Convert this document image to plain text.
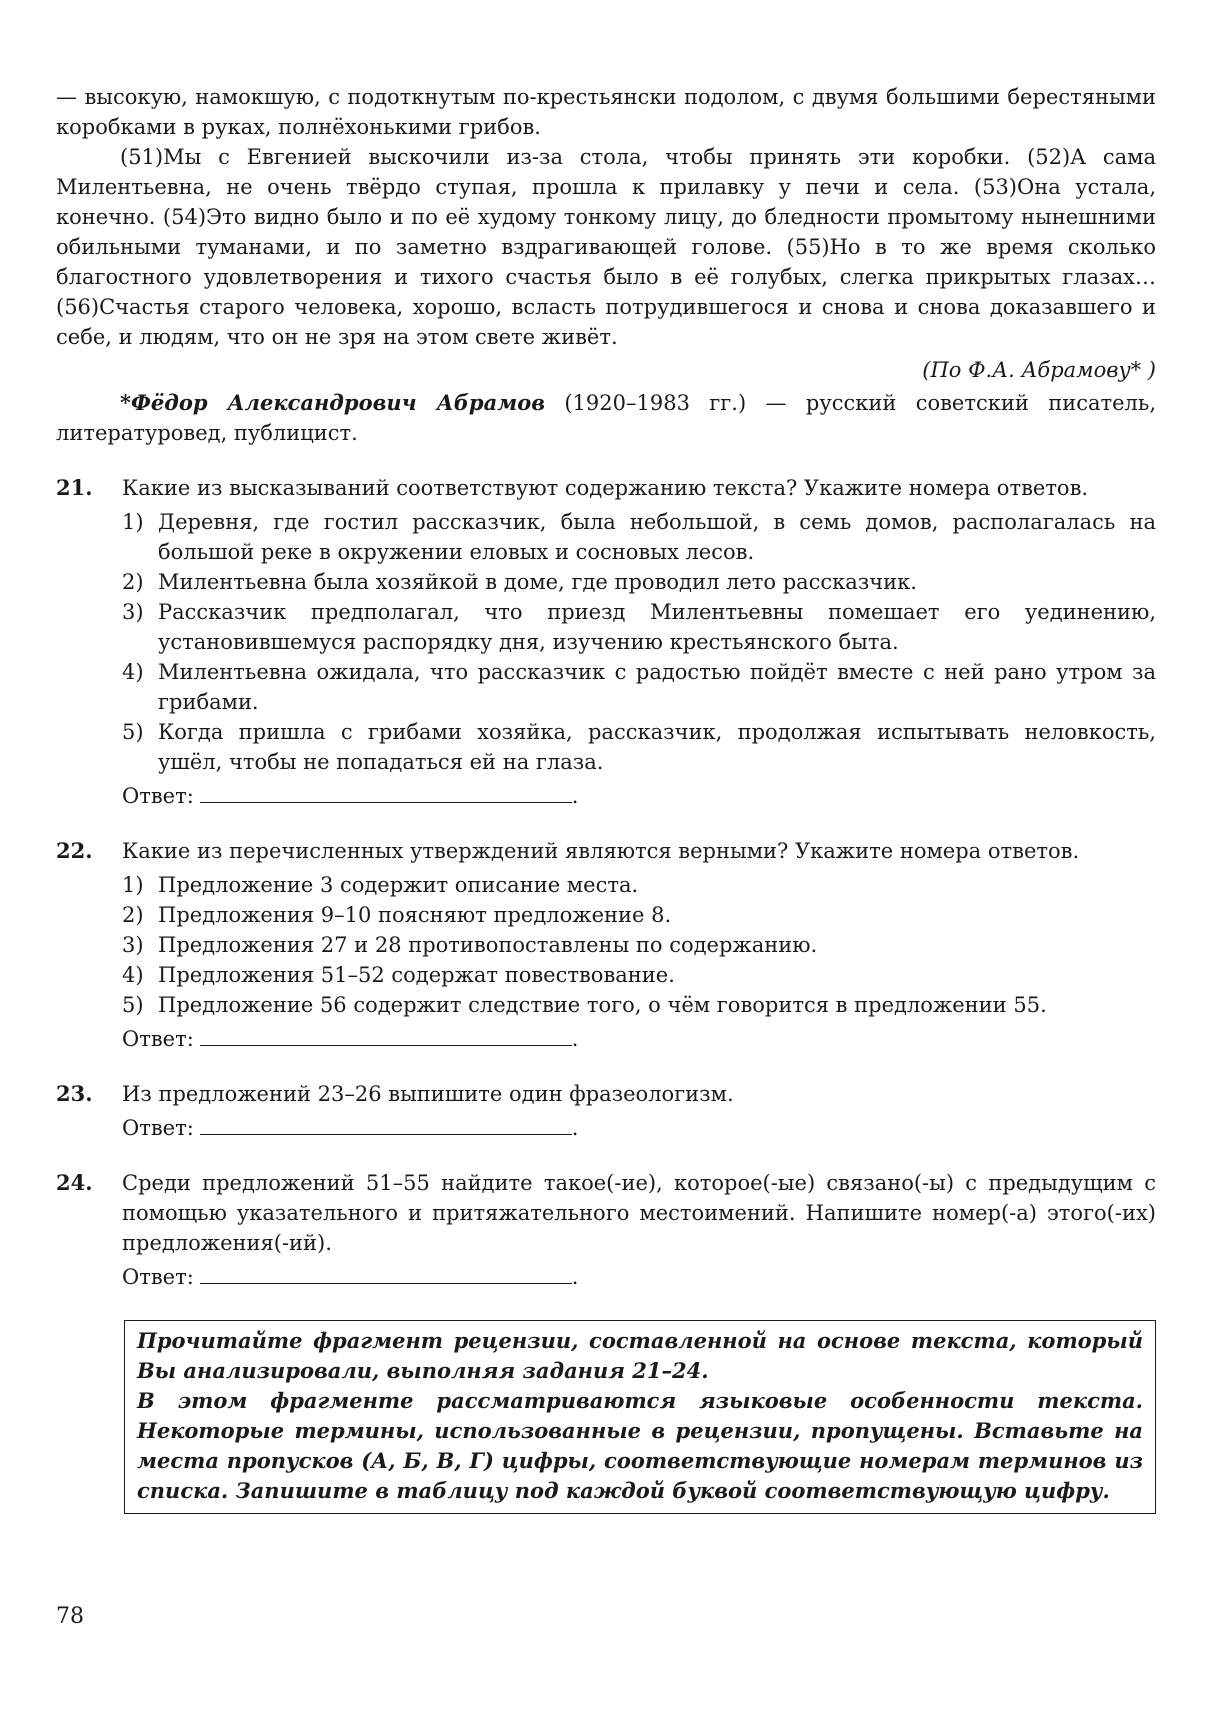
— высокую, намокшую, с подоткнутым по-крестьянски подолом, с двумя большими берестяными коробками в руках, полнёхонькими грибов.

(51)Мы с Евгенией выскочили из-за стола, чтобы принять эти коробки. (52)А сама Милентьевна, не очень твёрдо ступая, прошла к прилавку у печи и села. (53)Она устала, конечно. (54)Это видно было и по её худому тонкому лицу, до бледности промытому нынешними обильными туманами, и по заметно вздрагивающей голове. (55)Но в то же время сколько благостного удовлетворения и тихого счастья было в её голубых, слегка прикрытых глазах… (56)Счастья старого человека, хорошо, всласть потрудившегося и снова и снова доказавшего и себе, и людям, что он не зря на этом свете живёт.

(По Ф.А. Абрамову* )

*Фёдор Александрович Абрамов (1920–1983 гг.) — русский советский писатель, литературовед, публицист.

21.	Какие из высказываний соответствуют содержанию текста? Укажите номера ответов.

1) Деревня, где гостил рассказчик, была небольшой, в семь домов, располагалась на большой реке в окружении еловых и сосновых лесов.
2) Милентьевна была хозяйкой в доме, где проводил лето рассказчик.
3) Рассказчик предполагал, что приезд Милентьевны помешает его уединению, установившемуся распорядку дня, изучению крестьянского быта.
4) Милентьевна ожидала, что рассказчик с радостью пойдёт вместе с ней рано утром за грибами.
5) Когда пришла с грибами хозяйка, рассказчик, продолжая испытывать неловкость, ушёл, чтобы не попадаться ей на глаза.
Ответ:	.
22.	Какие из перечисленных утверждений являются верными? Укажите номера ответов.

1) Предложение 3 содержит описание места.
2) Предложения 9–10 поясняют предложение 8.
3) Предложения 27 и 28 противопоставлены по содержанию.
4) Предложения 51–52 содержат повествование.
5) Предложение 56 содержит следствие того, о чём говорится в предложении 55.
Ответ:	.
23.	Из предложений 23–26 выпишите один фразеологизм.

Ответ:	.
24.	Среди предложений 51–55 найдите такое(-ие), которое(-ые) связано(-ы) с предыдущим с помощью указательного и притяжательного местоимений. Напишите номер(-а) этого(-их) предложения(-ий).

Ответ:	.

Прочитайте фрагмент рецензии, составленной на основе текста, который Вы анализировали, выполняя задания 21–24.

В этом фрагменте рассматриваются языковые особенности текста. Некоторые термины, использованные в рецензии, пропущены. Вставьте на места пропусков (А, Б, В, Г) цифры, соответствующие номерам терминов из списка. Запишите в таблицу под каждой буквой соответствующую цифру.

78
